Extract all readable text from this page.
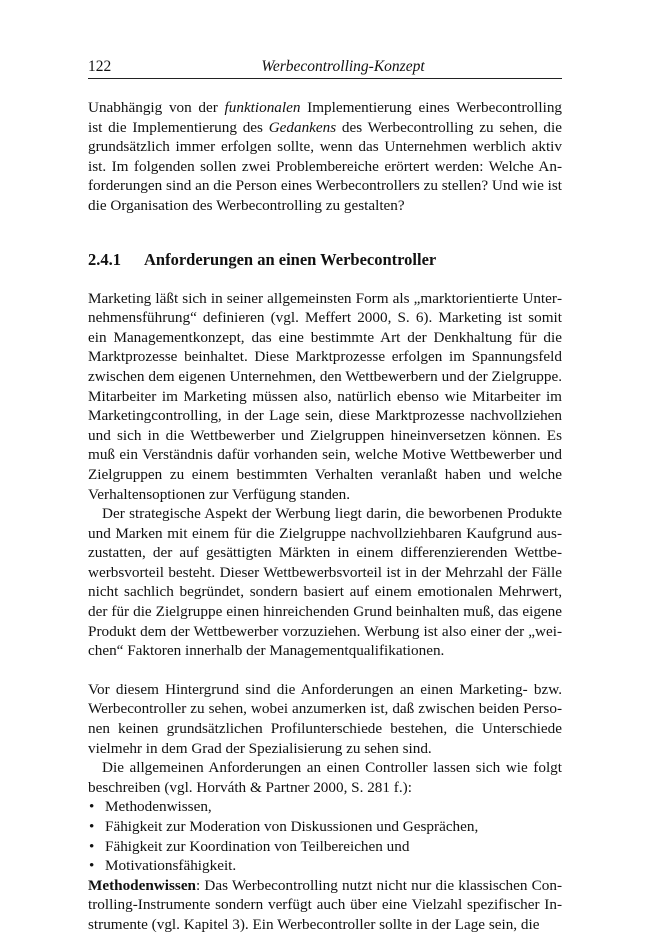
122	Werbecontrolling-Konzept

Unabhängig von der funktionalen Implementierung eines Werbecontrolling ist die Implementierung des Gedankens des Werbecontrolling zu sehen, die grundsätzlich immer erfolgen sollte, wenn das Unternehmen werblich aktiv ist. Im folgenden sollen zwei Problembereiche erörtert werden: Welche Anforderungen sind an die Person eines Werbecontrollers zu stellen? Und wie ist die Organisation des Werbecontrolling zu gestalten?

2.4.1 Anforderungen an einen Werbecontroller

Marketing läßt sich in seiner allgemeinsten Form als „marktorientierte Unternehmensführung“ definieren (vgl. Meffert 2000, S. 6). Marketing ist somit ein Managementkonzept, das eine bestimmte Art der Denkhaltung für die Marktprozesse beinhaltet. Diese Marktprozesse erfolgen im Spannungsfeld zwischen dem eigenen Unternehmen, den Wettbewerbern und der Zielgruppe. Mitarbeiter im Marketing müssen also, natürlich ebenso wie Mitarbeiter im Marketingcontrolling, in der Lage sein, diese Marktprozesse nachvollziehen und sich in die Wettbewerber und Zielgruppen hineinversetzen können. Es muß ein Verständnis dafür vorhanden sein, welche Motive Wettbewerber und Zielgruppen zu einem bestimmten Verhalten veranlaßt haben und welche Verhaltensoptionen zur Verfügung standen.

Der strategische Aspekt der Werbung liegt darin, die beworbenen Produkte und Marken mit einem für die Zielgruppe nachvollziehbaren Kaufgrund auszustatten, der auf gesättigten Märkten in einem differenzierenden Wettbewerbsvorteil besteht. Dieser Wettbewerbsvorteil ist in der Mehrzahl der Fälle nicht sachlich begründet, sondern basiert auf einem emotionalen Mehrwert, der für die Zielgruppe einen hinreichenden Grund beinhalten muß, das eigene Produkt dem der Wettbewerber vorzuziehen. Werbung ist also einer der „weichen“ Faktoren innerhalb der Managementqualifikationen.

Vor diesem Hintergrund sind die Anforderungen an einen Marketing- bzw. Werbecontroller zu sehen, wobei anzumerken ist, daß zwischen beiden Personen keinen grundsätzlichen Profilunterschiede bestehen, die Unterschiede vielmehr in dem Grad der Spezialisierung zu sehen sind.

Die allgemeinen Anforderungen an einen Controller lassen sich wie folgt beschreiben (vgl. Horváth & Partner 2000, S. 281 f.):

• Methodenwissen,
• Fähigkeit zur Moderation von Diskussionen und Gesprächen,
• Fähigkeit zur Koordination von Teilbereichen und
• Motivationsfähigkeit.

Methodenwissen: Das Werbecontrolling nutzt nicht nur die klassischen Controlling-Instrumente sondern verfügt auch über eine Vielzahl spezifischer Instrumente (vgl. Kapitel 3). Ein Werbecontroller sollte in der Lage sein, die
